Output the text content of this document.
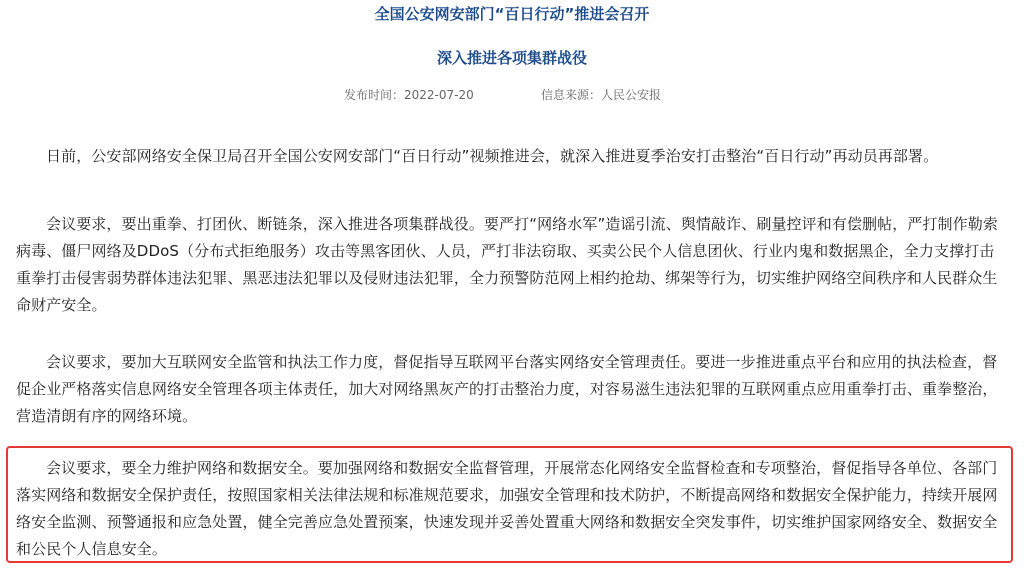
全国公安网安部门“百日行动”推进会召开
深入推进各项集群战役
发布时间：2022-07-20	信息来源：人民公安报

日前，公安部网络安全保卫局召开全国公安网安部门“百日行动”视频推进会，就深入推进夏季治安打击整治“百日行动”再动员再部署。

会议要求，要出重拳、打团伙、断链条，深入推进各项集群战役。要严打“网络水军”造谣引流、舆情敲诈、刷量控评和有偿删帖，严打制作勒索病毒、僵尸网络及DDoS（分布式拒绝服务）攻击等黑客团伙、人员，严打非法窃取、买卖公民个人信息团伙、行业内鬼和数据黑企，全力支撑打击重拳打击侵害弱势群体违法犯罪、黑恶违法犯罪以及侵财违法犯罪，全力预警防范网上相约抢劫、绑架等行为，切实维护网络空间秩序和人民群众生命财产安全。

会议要求，要加大互联网安全监管和执法工作力度，督促指导互联网平台落实网络安全管理责任。要进一步推进重点平台和应用的执法检查，督促企业严格落实信息网络安全管理各项主体责任，加大对网络黑灰产的打击整治力度，对容易滋生违法犯罪的互联网重点应用重拳打击、重拳整治，营造清朗有序的网络环境。

会议要求，要全力维护网络和数据安全。要加强网络和数据安全监督管理，开展常态化网络安全监督检查和专项整治，督促指导各单位、各部门落实网络和数据安全保护责任，按照国家相关法律法规和标准规范要求，加强安全管理和技术防护，不断提高网络和数据安全保护能力，持续开展网络安全监测、预警通报和应急处置，健全完善应急处置预案，快速发现并妥善处置重大网络和数据安全突发事件，切实维护国家网络安全、数据安全和公民个人信息安全。
